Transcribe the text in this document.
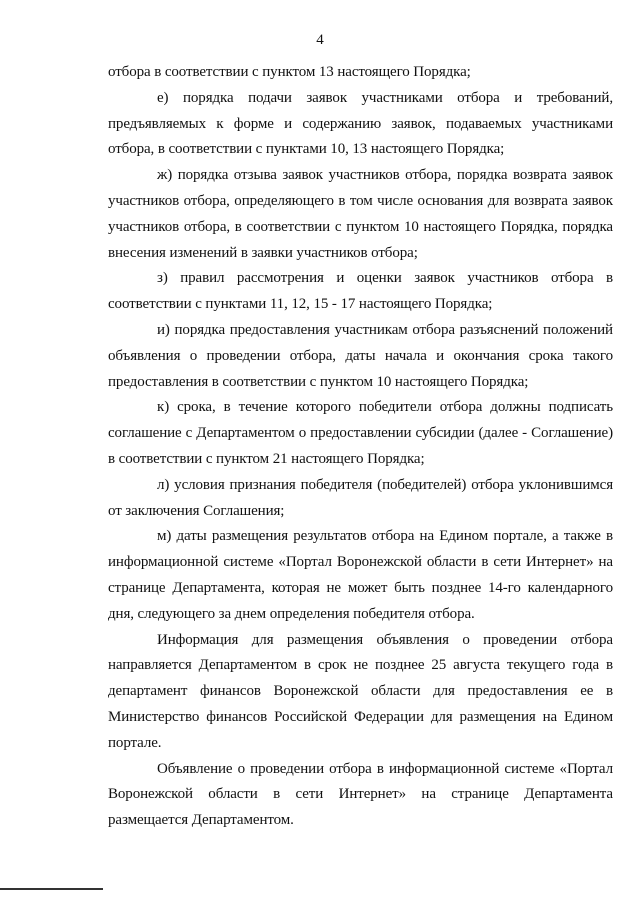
4

отбора в соответствии с пунктом 13 настоящего Порядка;

е) порядка подачи заявок участниками отбора и требований, предъявляемых к форме и содержанию заявок, подаваемых участниками отбора, в соответствии с пунктами 10, 13 настоящего Порядка;

ж) порядка отзыва заявок участников отбора, порядка возврата заявок участников отбора, определяющего в том числе основания для возврата заявок участников отбора, в соответствии с пунктом 10 настоящего Порядка, порядка внесения изменений в заявки участников отбора;

з) правил рассмотрения и оценки заявок участников отбора в соответствии с пунктами 11, 12, 15 - 17 настоящего Порядка;

и) порядка предоставления участникам отбора разъяснений положений объявления о проведении отбора, даты начала и окончания срока такого предоставления в соответствии с пунктом 10 настоящего Порядка;

к) срока, в течение которого победители отбора должны подписать соглашение с Департаментом о предоставлении субсидии (далее - Соглашение) в соответствии с пунктом 21 настоящего Порядка;

л) условия признания победителя (победителей) отбора уклонившимся от заключения Соглашения;

м) даты размещения результатов отбора на Едином портале, а также в информационной системе «Портал Воронежской области в сети Интернет» на странице Департамента, которая не может быть позднее 14-го календарного дня, следующего за днем определения победителя отбора.

Информация для размещения объявления о проведении отбора направляется Департаментом в срок не позднее 25 августа текущего года в департамент финансов Воронежской области для предоставления ее в Министерство финансов Российской Федерации для размещения на Едином портале.

Объявление о проведении отбора в информационной системе «Портал Воронежской области в сети Интернет» на странице Департамента размещается Департаментом.
